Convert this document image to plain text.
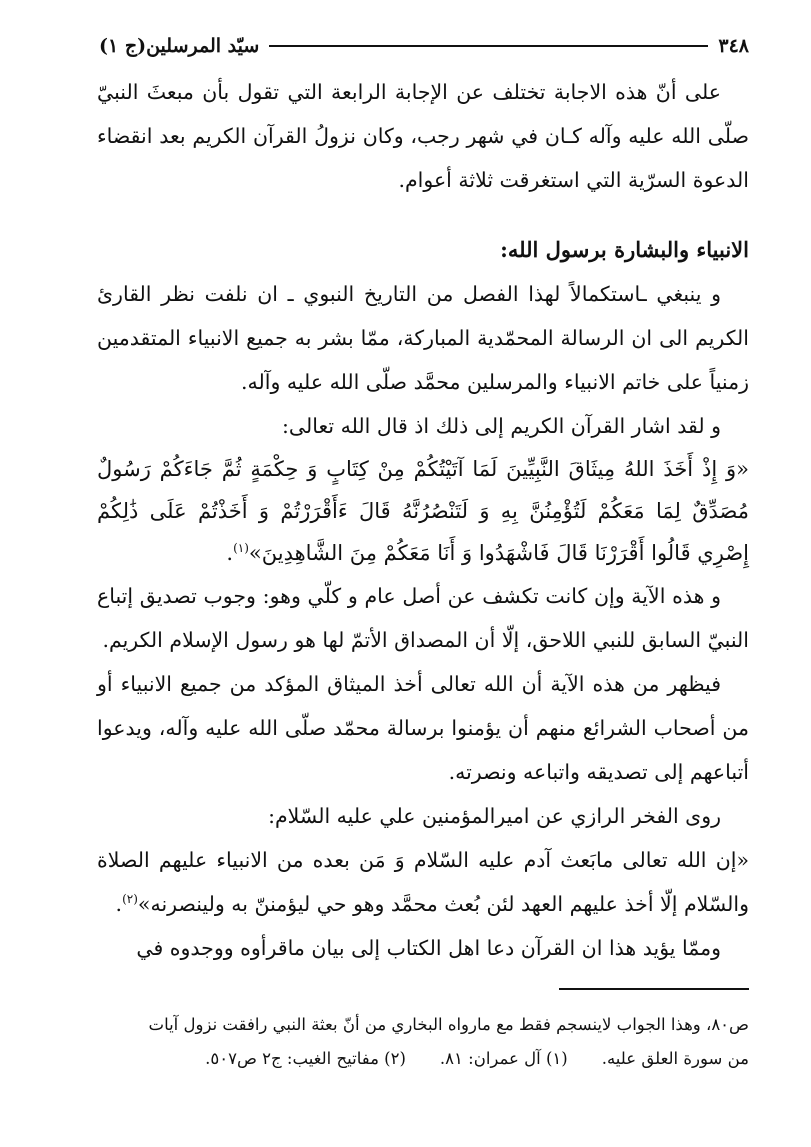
٣٤٨
سيّد المرسلين(ج ١)

على أنّ هذه الاجابة تختلف عن الإجابة الرابعة التي تقول بأن مبعثَ النبيّ صلّى الله عليه وآله كـان في شهر رجب، وكان نزولُ القرآن الكريم بعد انقضاء الدعوة السرّية التي استغرقت ثلاثة أعوام.

الانبياء والبشارة برسول الله:

و ينبغي ـاستكمالاً لهذا الفصل من التاريخ النبوي ـ ان نلفت نظر القارئ الكريم الى ان الرسالة المحمّدية المباركة، ممّا بشر به جميع الانبياء المتقدمين زمنياً على خاتم الانبياء والمرسلين محمَّد صلّى الله عليه وآله.

و لقد اشار القرآن الكريم إلى ذلك اذ قال الله تعالى:

«وَ إِذْ أَخَذَ اللهُ مِيثَاقَ النَّبِيِّينَ لَمَا آتَيْتُكُمْ مِنْ كِتَابٍ وَ حِكْمَةٍ ثُمَّ جَاءَكُمْ رَسُولٌ مُصَدِّقٌ لِمَا مَعَكُمْ لَتُؤْمِنُنَّ بِهِ وَ لَتَنْصُرُنَّهُ قَالَ ءَأَقْرَرْتُمْ وَ أَخَذْتُمْ عَلَى ذَٰلِكُمْ إِصْرِي قَالُوا أَقْرَرْنَا قَالَ فَاشْهَدُوا وَ أَنَا مَعَكُمْ مِنَ الشَّاهِدِينَ»$^{(١)}$.

و هذه الآية وإن كانت تكشف عن أصل عام و كلّي وهو: وجوب تصديق إتباع النبيّ السابق للنبي اللاحق، إلّا أن المصداق الأتمّ لها هو رسول الإسلام الكريم.

فيظهر من هذه الآية أن الله تعالى أخذ الميثاق المؤكد من جميع الانبياء أو من أصحاب الشرائع منهم أن يؤمنوا برسالة محمّد صلّى الله عليه وآله، ويدعوا أتباعهم إلى تصديقه واتباعه ونصرته.

روى الفخر الرازي عن اميرالمؤمنين علي عليه السّلام:

«إن الله تعالى مابَعث آدم عليه السّلام وَ مَن بعده من الانبياء عليهم الصلاة والسّلام إلّا أخذ عليهم العهد لئن بُعث محمَّد وهو حي ليؤمننّ به ولينصرنه»$^{(٢)}$.

وممّا يؤيد هذا ان القرآن دعا اهل الكتاب إلى بيان ماقرأوه ووجدوه في

ص٨٠، وهذا الجواب لاينسجم فقط مع مارواه البخاري من أنّ بعثة النبي رافقت نزول آيات

من سورة العلق عليه.
(١) آل عمران: ٨١.
(٢) مفاتيح الغيب: ج٢ ص٥٠٧.
